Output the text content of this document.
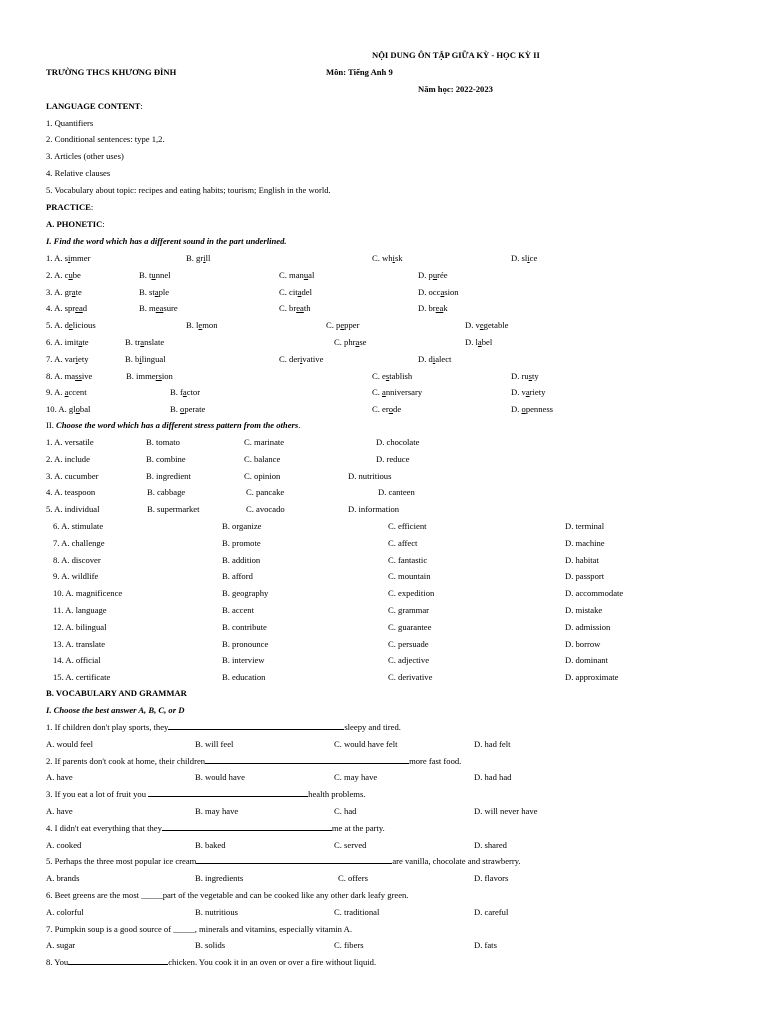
NỘI DUNG ÔN TẬP GIỮA KỲ - HỌC KỲ II
TRƯỜNG THCS KHƯƠNG ĐÌNH	Môn: Tiếng Anh 9
Năm học: 2022-2023
LANGUAGE CONTENT:
1. Quantifiers
2. Conditional sentences: type 1,2.
3. Articles (other uses)
4. Relative clauses
5. Vocabulary about topic: recipes and eating habits; tourism; English in the world.
PRACTICE:
A. PHONETIC:
I. Find the word which has a different sound in the part underlined.
1. A. simmer	B. grill	C. whisk	D. slice
2. A. cube	B. tunnel	C. manual	D. purée
3. A. grate	B. staple	C. citadel	D. occasion
4. A. spread	B. measure	C. breath	D. break
5. A. delicious	B. lemon	C. pepper	D. vegetable
6. A. imitate	B. translate	C. phrase	D. label
7. A. variety	B. bilingual	C. derivative	D. dialect
8. A. massive	B. immersion	C. establish	D. rusty
9. A. accent	B. factor	C. anniversary	D. variety
10. A. global	B. operate	C. erode	D. openness
II. Choose the word which has a different stress pattern from the others.
1. A. versatile	B. tomato	C. marinate	D. chocolate
2. A. include	B. combine	C. balance	D. reduce
3. A. cucumber	B. ingredient	C. opinion	D. nutritious
4. A. teaspoon	B. cabbage	C. pancake	D. canteen
5. A. individual	B. supermarket	C. avocado	D. information
6. A. stimulate	B. organize	C. efficient	D. terminal
7. A. challenge	B. promote	C. affect	D. machine
8. A. discover	B. addition	C. fantastic	D. habitat
9. A. wildlife	B. afford	C. mountain	D. passport
10. A. magnificence	B. geography	C. expedition	D. accommodate
11. A. language	B. accent	C. grammar	D. mistake
12. A. bilingual	B. contribute	C. guarantee	D. admission
13. A. translate	B. pronounce	C. persuade	D. borrow
14. A. official	B. interview	C. adjective	D. dominant
15. A. certificate	B. education	C. derivative	D. approximate
B. VOCABULARY AND GRAMMAR
I. Choose the best answer A, B, C, or D
1. If children don't play sports, they	sleepy and tired.
A. would feel	B. will feel	C. would have felt	D. had felt
2. If parents don't cook at home, their children	more fast food.
A. have	B. would have	C. may have	D. had had
3. If you eat a lot of fruit you	health problems.
A. have	B. may have	C. had	D. will never have
4. I didn't eat everything that they	me at the party.
A. cooked	B. baked	C. served	D. shared
5. Perhaps the three most popular ice cream	are vanilla, chocolate and strawberry.
A. brands	B. ingredients	C. offers	D. flavors
6. Beet greens are the most _____part of the vegetable and can be cooked like any other dark leafy green.
A. colorful	B. nutritious	C. traditional	D. careful
7. Pumpkin soup is a good source of _____, minerals and vitamins, especially vitamin A.
A. sugar	B. solids	C. fibers	D. fats
8. You	chicken. You cook it in an oven or over a fire without liquid.
